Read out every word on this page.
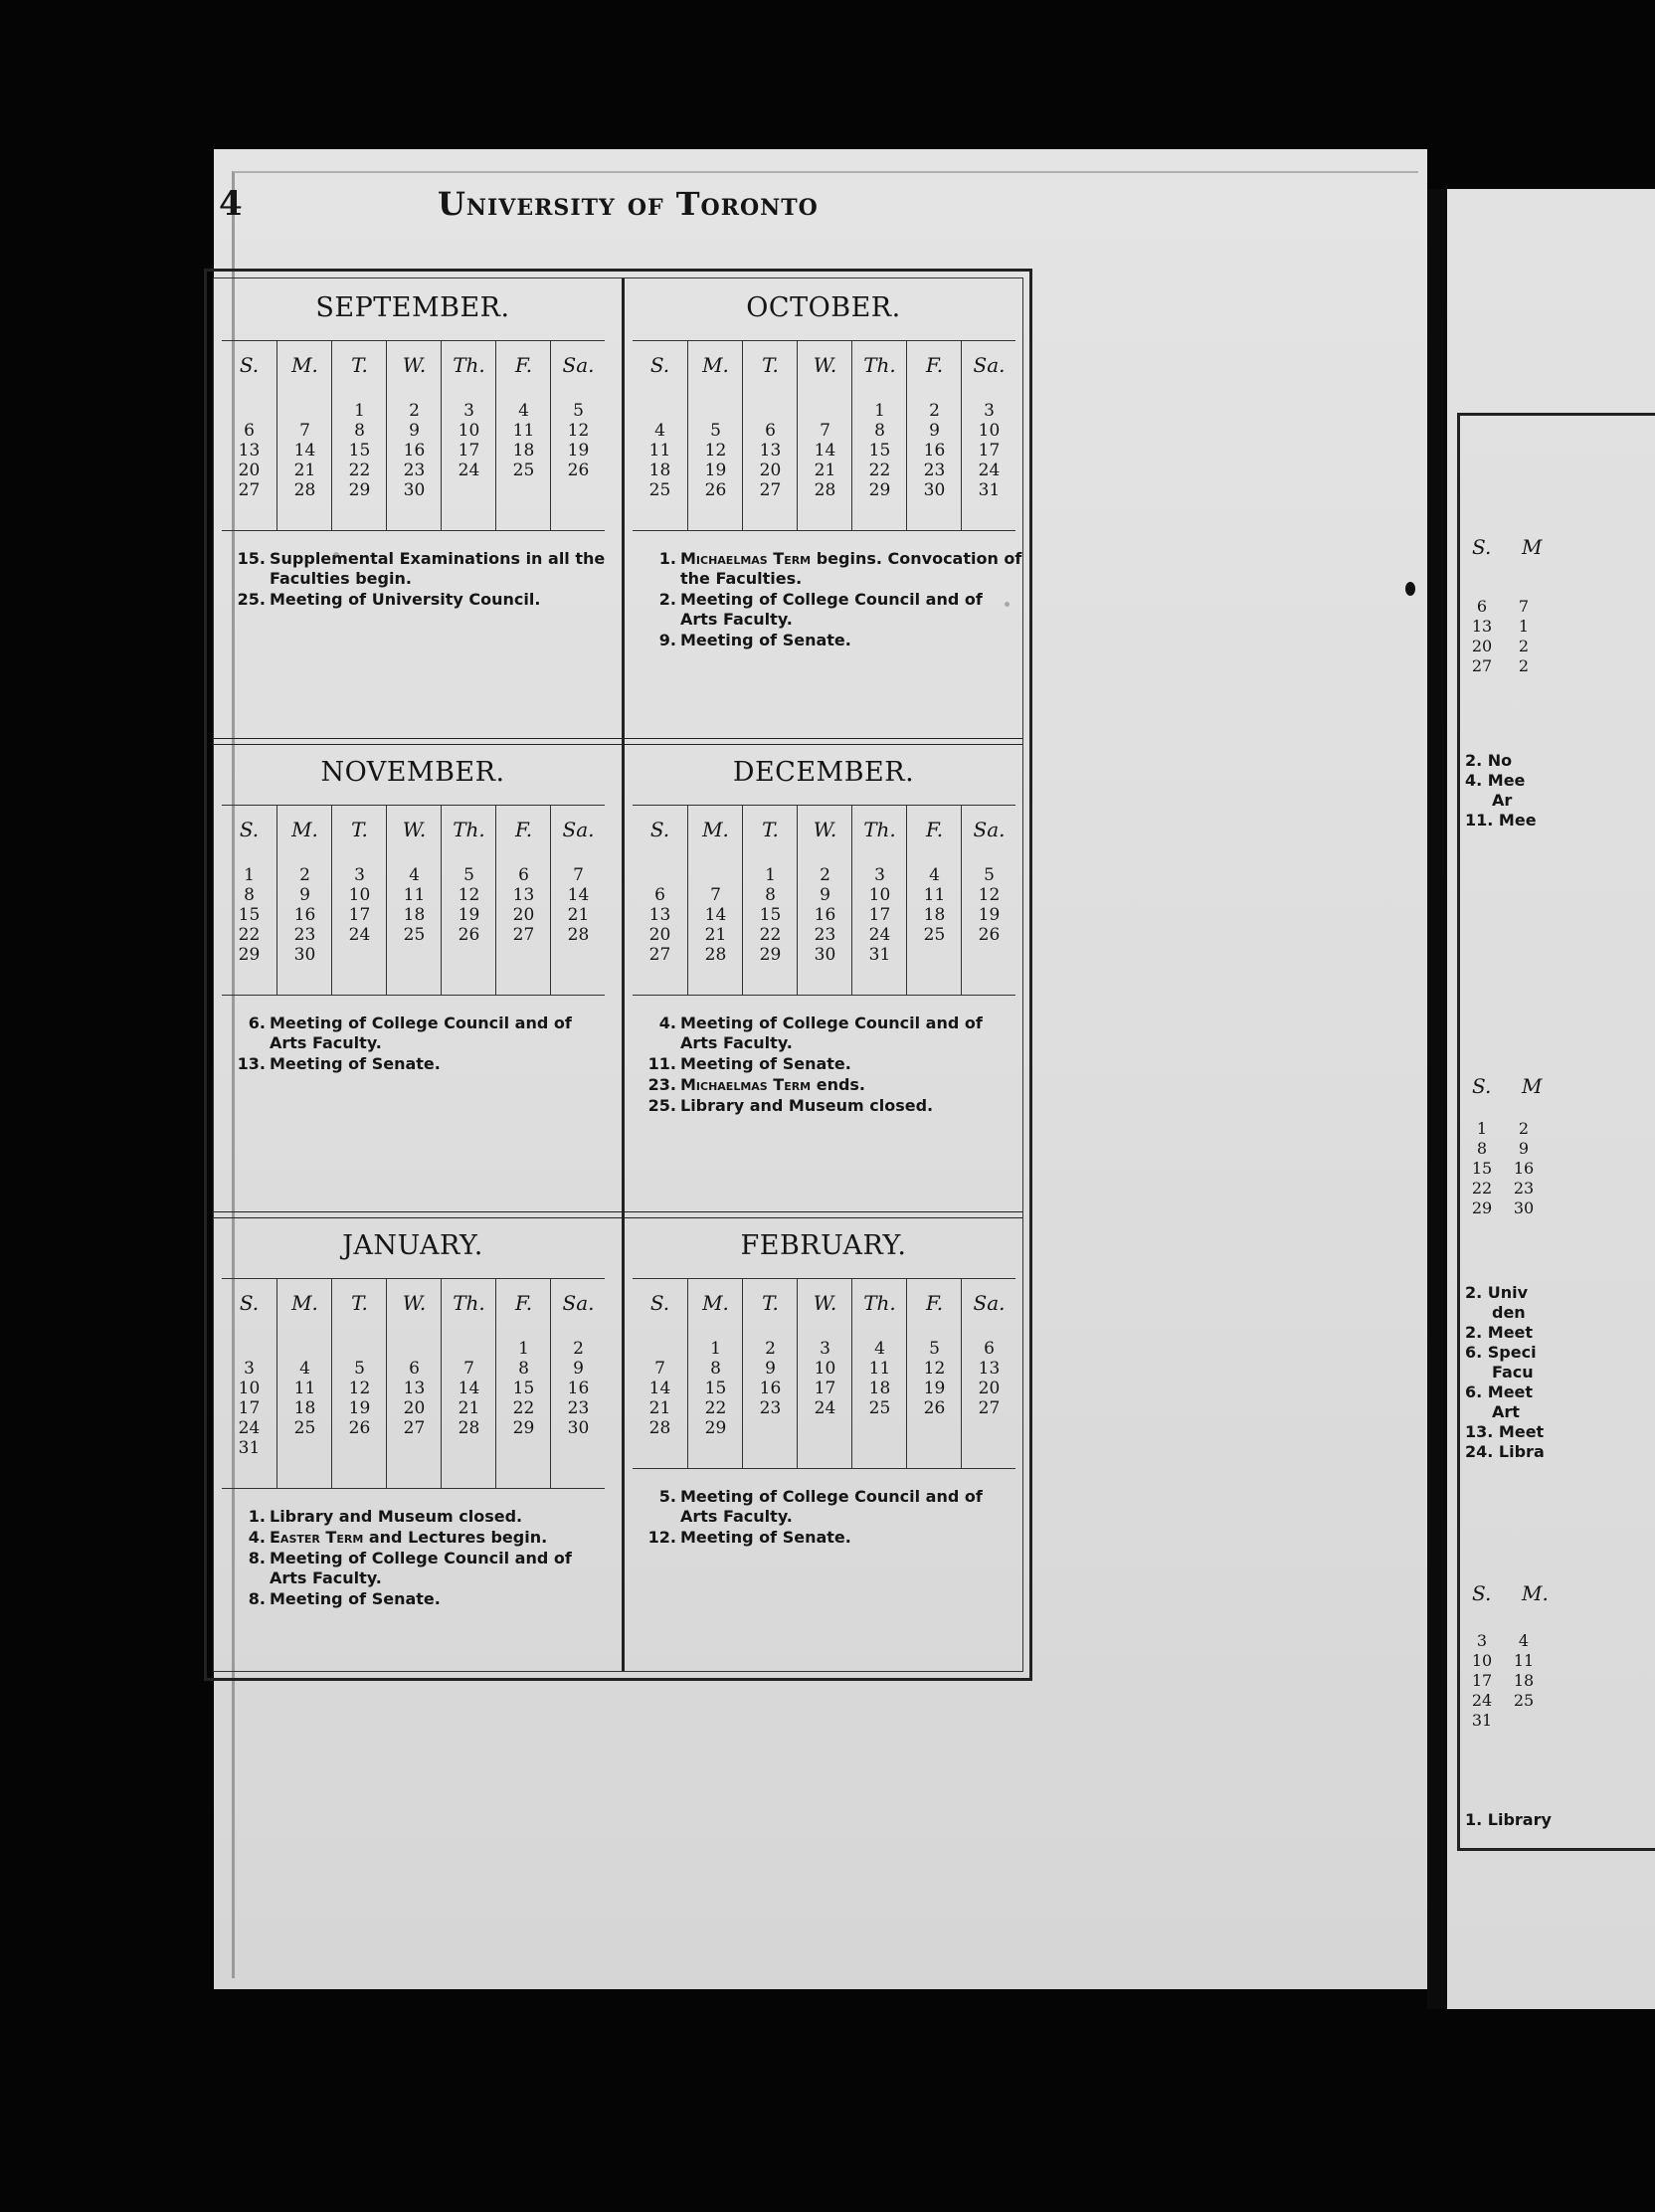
S. M
S. M
S. M.
6
13
20
27
7
1
2
2
1
8
15
22
29
2
9
16
23
30
3
10
17
24
31
4
11
18
25
2. No
4. Mee
Ar
11. Mee
2. Univ
den
2. Meet
6. Speci
Facu
6. Meet
Art
13. Meet
24. Libra
1. Library
4	University of Toronto
SEPTEMBER.
S.
6
13
20
27
M.
7
14
21
28
T.
1
8
15
22
29
W.
2
9
16
23
30
Th.
3
10
17
24
F.
4
11
18
25
Sa.
5
12
19
26
15. Supplemental Examinations in all the Faculties begin.
25. Meeting of University Council.
OCTOBER.
S.
4
11
18
25
M.
5
12
19
26
T.
6
13
20
27
W.
7
14
21
28
Th.
1
8
15
22
29
F.
2
9
16
23
30
Sa.
3
10
17
24
31
1. Michaelmas Term begins. Convocation of the Faculties.
2. Meeting of College Council and of Arts Faculty.
9. Meeting of Senate.
NOVEMBER.
S.
1
8
15
22
29
M.
2
9
16
23
30
T.
3
10
17
24
W.
4
11
18
25
Th.
5
12
19
26
F.
6
13
20
27
Sa.
7
14
21
28
6. Meeting of College Council and of Arts Faculty.
13. Meeting of Senate.
DECEMBER.
S.
6
13
20
27
M.
7
14
21
28
T.
1
8
15
22
29
W.
2
9
16
23
30
Th.
3
10
17
24
31
F.
4
11
18
25
Sa.
5
12
19
26
4. Meeting of College Council and of Arts Faculty.
11. Meeting of Senate.
23. Michaelmas Term ends.
25. Library and Museum closed.
JANUARY.
S.
3
10
17
24
31
M.
4
11
18
25
T.
5
12
19
26
W.
6
13
20
27
Th.
7
14
21
28
F.
1
8
15
22
29
Sa.
2
9
16
23
30
1. Library and Museum closed.
4. Easter Term and Lectures begin.
8. Meeting of College Council and of Arts Faculty.
8. Meeting of Senate.
FEBRUARY.
S.
7
14
21
28
M.
1
8
15
22
29
T.
2
9
16
23
W.
3
10
17
24
Th.
4
11
18
25
F.
5
12
19
26
Sa.
6
13
20
27
5. Meeting of College Council and of Arts Faculty.
12. Meeting of Senate.
